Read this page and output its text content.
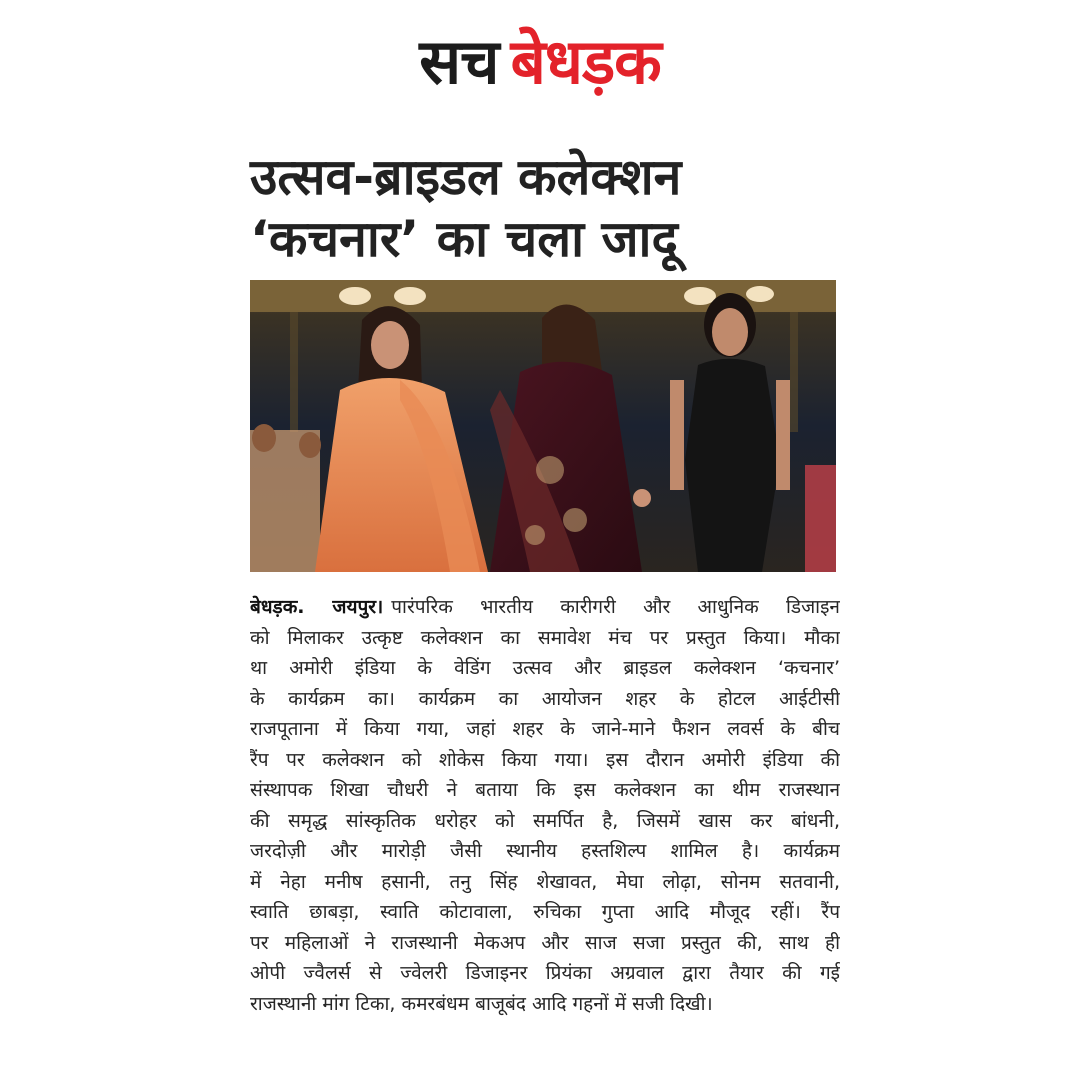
सच बेधड़क
उत्सव-ब्राइडल कलेक्शन
‘कचनार’ का चला जादू
बेधड़क. जयपुर। पारंपरिक भारतीय कारीगरी और आधुनिक डिजाइन
को मिलाकर उत्कृष्ट कलेक्शन का समावेश मंच पर प्रस्तुत किया। मौका
था अमोरी इंडिया के वेडिंग उत्सव और ब्राइडल कलेक्शन ‘कचनार’
के कार्यक्रम का। कार्यक्रम का आयोजन शहर के होटल आईटीसी
राजपूताना में किया गया, जहां शहर के जाने-माने फैशन लवर्स के बीच
रैंप पर कलेक्शन को शोकेस किया गया। इस दौरान अमोरी इंडिया की
संस्थापक शिखा चौधरी ने बताया कि इस कलेक्शन का थीम राजस्थान
की समृद्ध सांस्कृतिक धरोहर को समर्पित है, जिसमें खास कर बांधनी,
जरदोज़ी और मारोड़ी जैसी स्थानीय हस्तशिल्प शामिल है। कार्यक्रम
में नेहा मनीष हसानी, तनु सिंह शेखावत, मेघा लोढ़ा, सोनम सतवानी,
स्वाति छाबड़ा, स्वाति कोटावाला, रुचिका गुप्ता आदि मौजूद रहीं। रैंप
पर महिलाओं ने राजस्थानी मेकअप और साज सजा प्रस्तुत की, साथ ही
ओपी ज्वैलर्स से ज्वेलरी डिजाइनर प्रियंका अग्रवाल द्वारा तैयार की गई
राजस्थानी मांग टिका, कमरबंधम बाजूबंद आदि गहनों में सजी दिखी।
